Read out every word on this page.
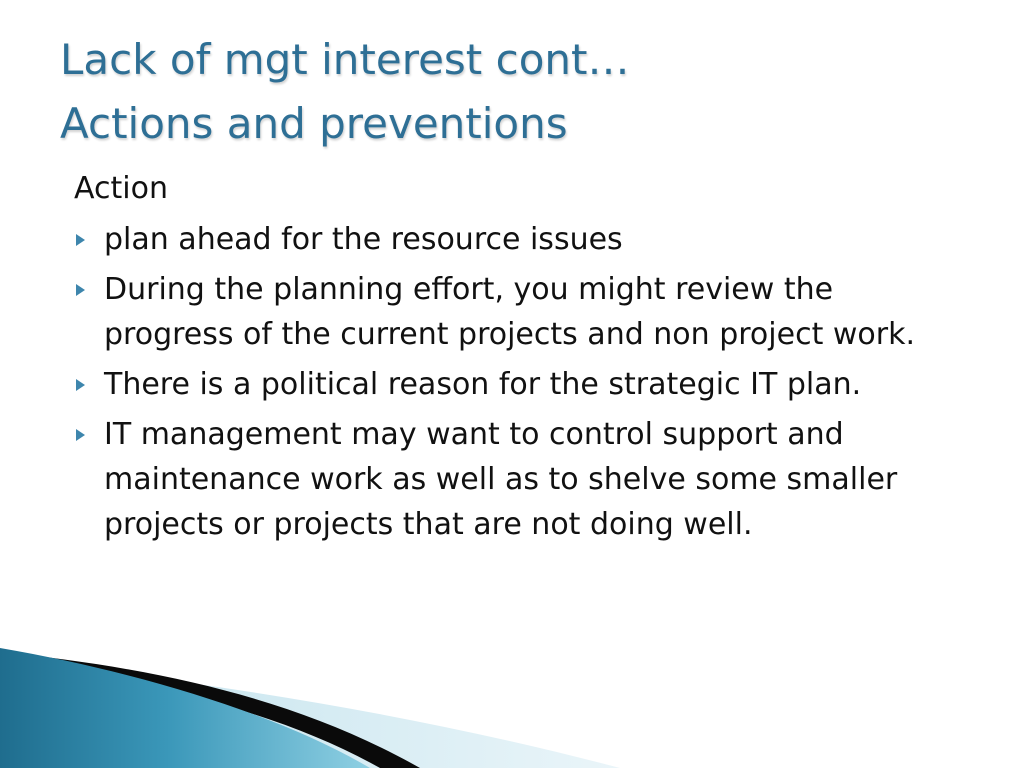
Lack of mgt interest cont…
Actions and preventions

Action

plan ahead for the resource issues
During the planning effort, you might review the progress of the current projects and non project work.
There is a political reason for the strategic IT plan.
IT management may want to control support and maintenance work as well as to shelve some smaller projects or projects that are not doing well.
